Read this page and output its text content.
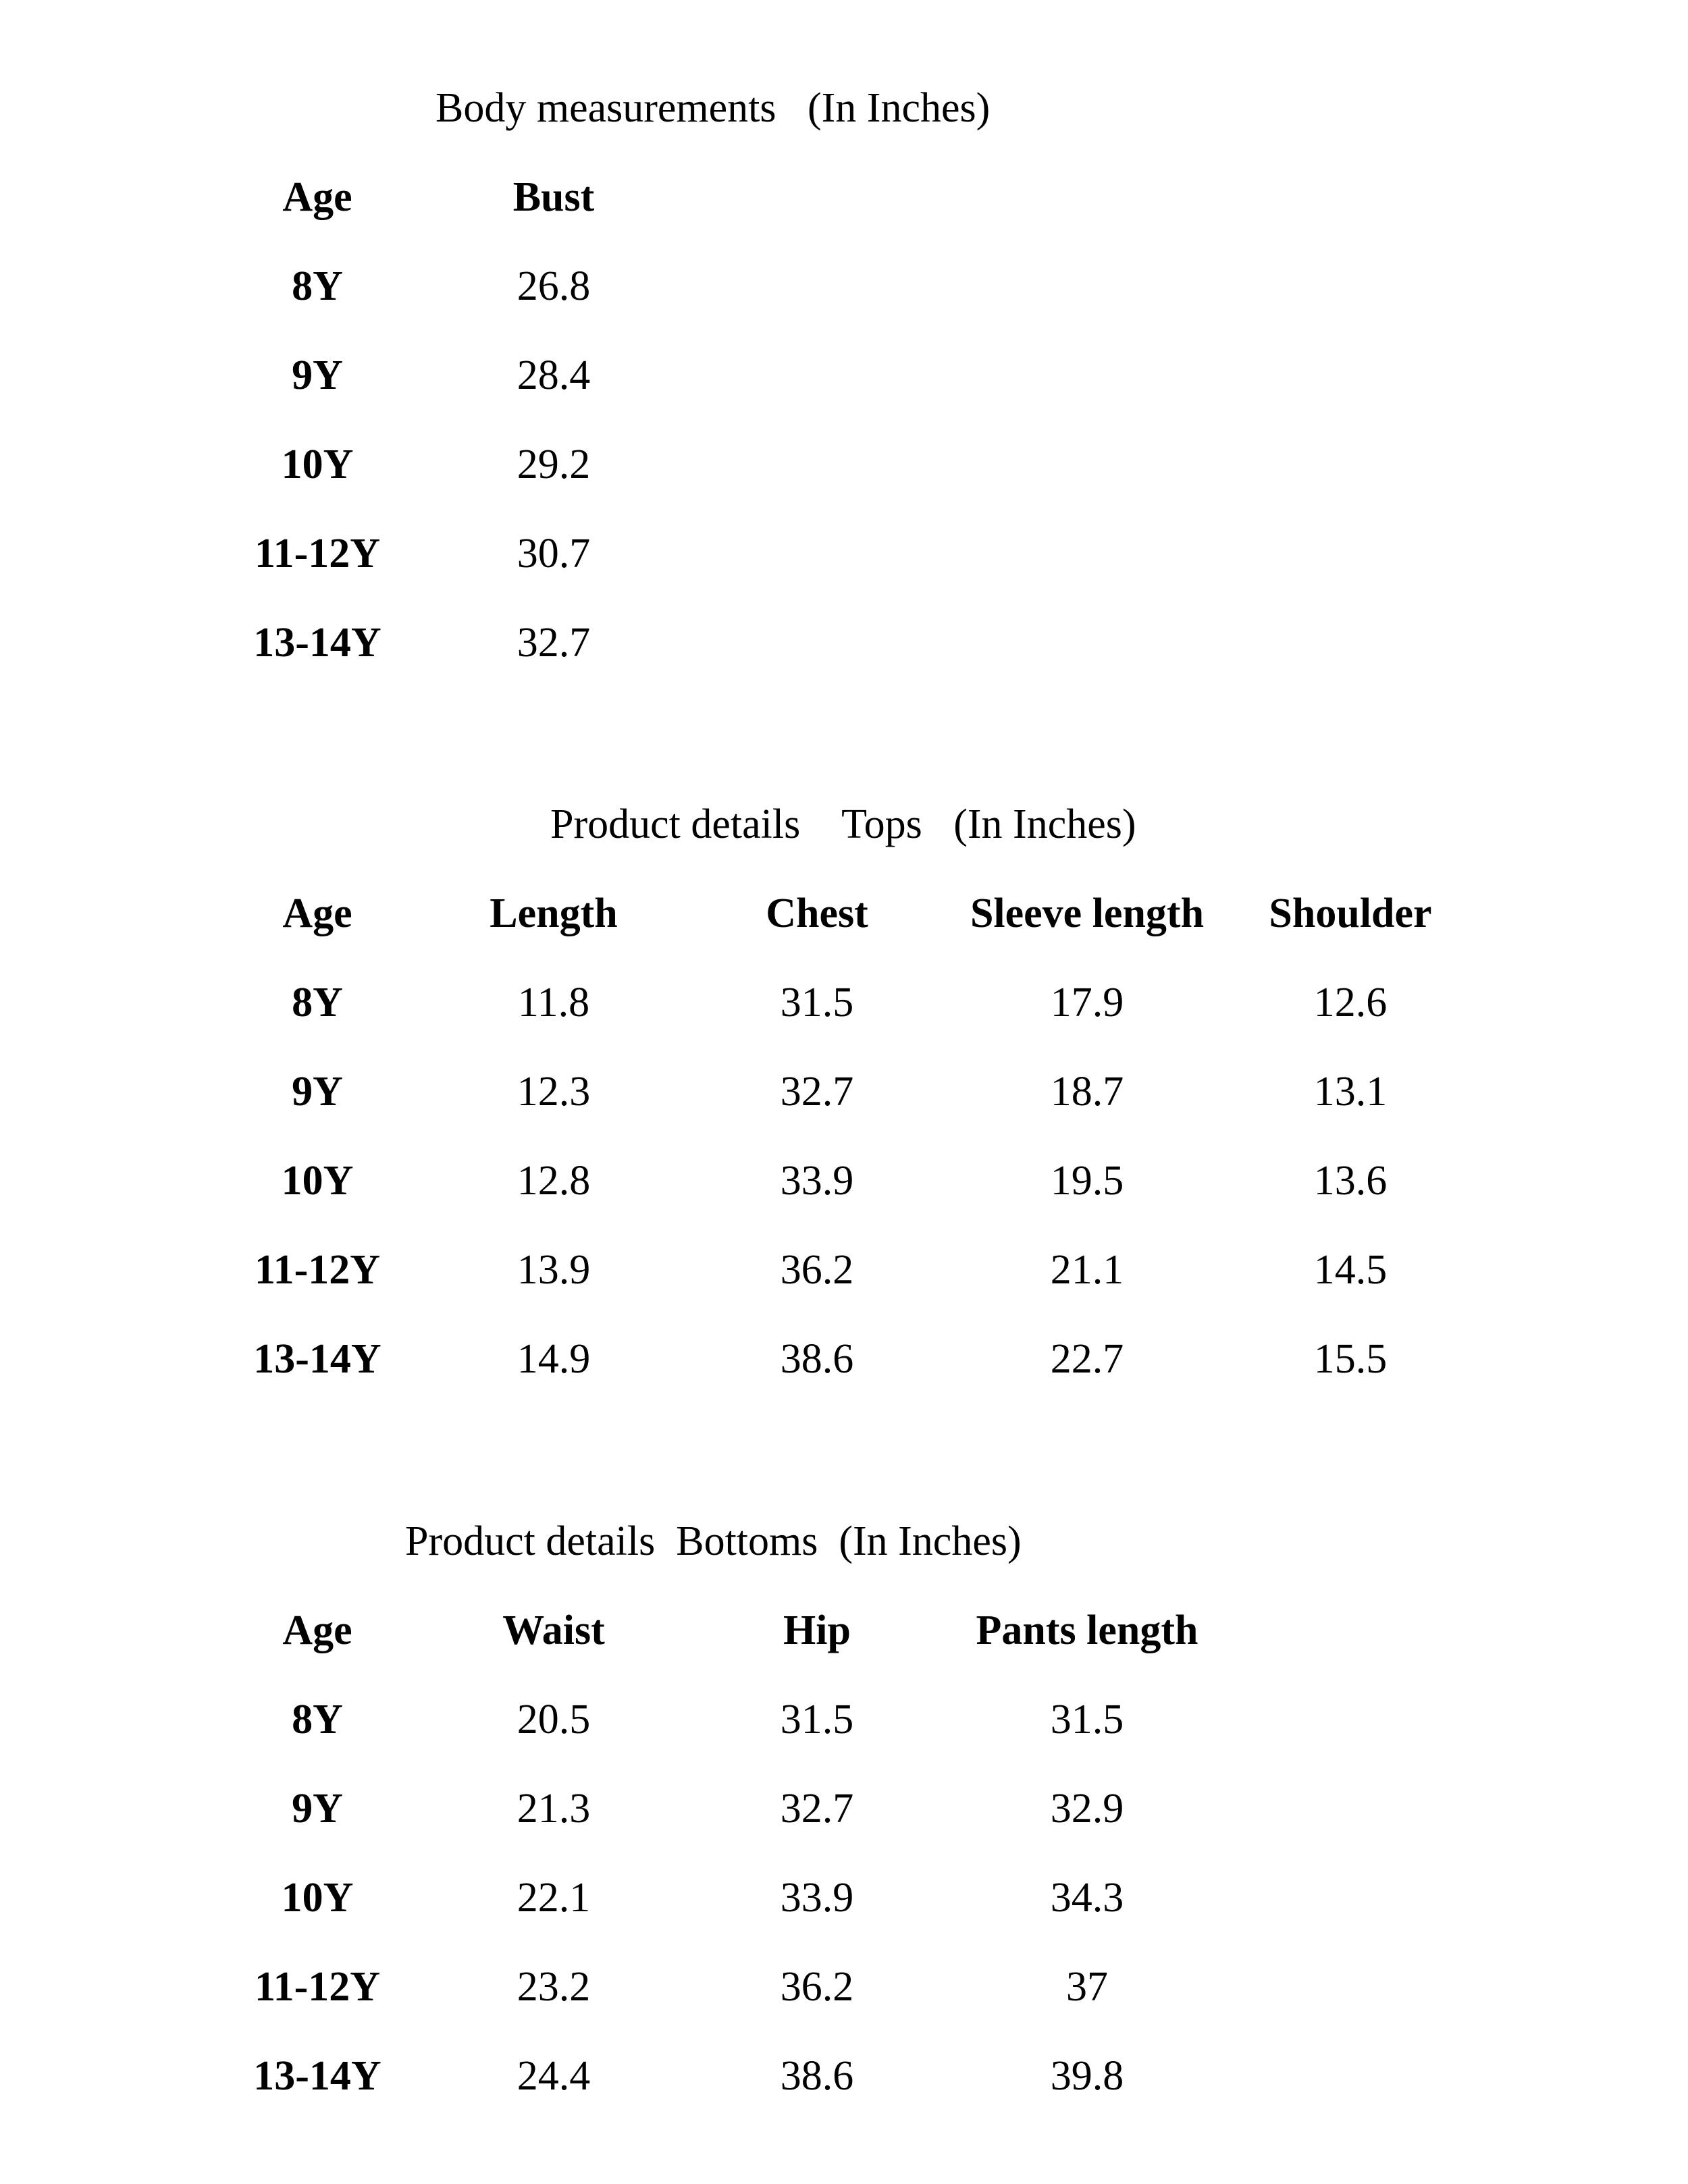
Body measurements   (In Inches)
Age	Bust
8Y	26.8
9Y	28.4
10Y	29.2
11-12Y	30.7
13-14Y	32.7
Product details    Tops   (In Inches)
Age	Length	Chest	Sleeve length	Shoulder
8Y	11.8	31.5	17.9	12.6
9Y	12.3	32.7	18.7	13.1
10Y	12.8	33.9	19.5	13.6
11-12Y	13.9	36.2	21.1	14.5
13-14Y	14.9	38.6	22.7	15.5
Product details  Bottoms  (In Inches)
Age	Waist	Hip	Pants length
8Y	20.5	31.5	31.5
9Y	21.3	32.7	32.9
10Y	22.1	33.9	34.3
11-12Y	23.2	36.2	37
13-14Y	24.4	38.6	39.8
